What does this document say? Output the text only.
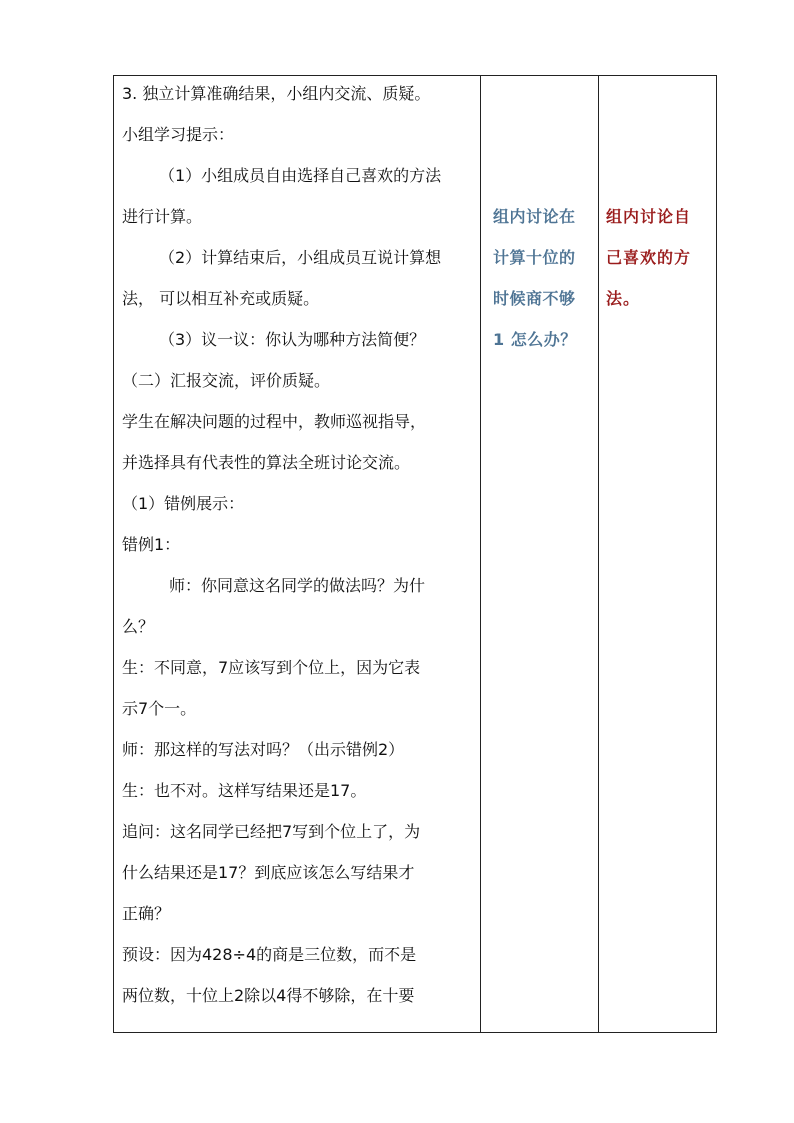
3. 独立计算准确结果，小组内交流、质疑。
小组学习提示：
（1）小组成员自由选择自己喜欢的方法
进行计算。
（2）计算结束后，小组成员互说计算想
法， 可以相互补充或质疑。
（3）议一议：你认为哪种方法简便？
（二）汇报交流，评价质疑。
学生在解决问题的过程中，教师巡视指导，
并选择具有代表性的算法全班讨论交流。
（1）错例展示：
错例1：
师：你同意这名同学的做法吗？为什
么？
生：不同意，7应该写到个位上，因为它表
示7个一。
师：那这样的写法对吗？（出示错例2）
生：也不对。这样写结果还是17。
追问：这名同学已经把7写到个位上了，为
什么结果还是17？到底应该怎么写结果才
正确？
预设：因为428÷4的商是三位数，而不是
两位数，十位上2除以4得不够除，在十要

组内讨论在
计算十位的
时候商不够
1 怎么办？

组内讨论自
己喜欢的方
法。
